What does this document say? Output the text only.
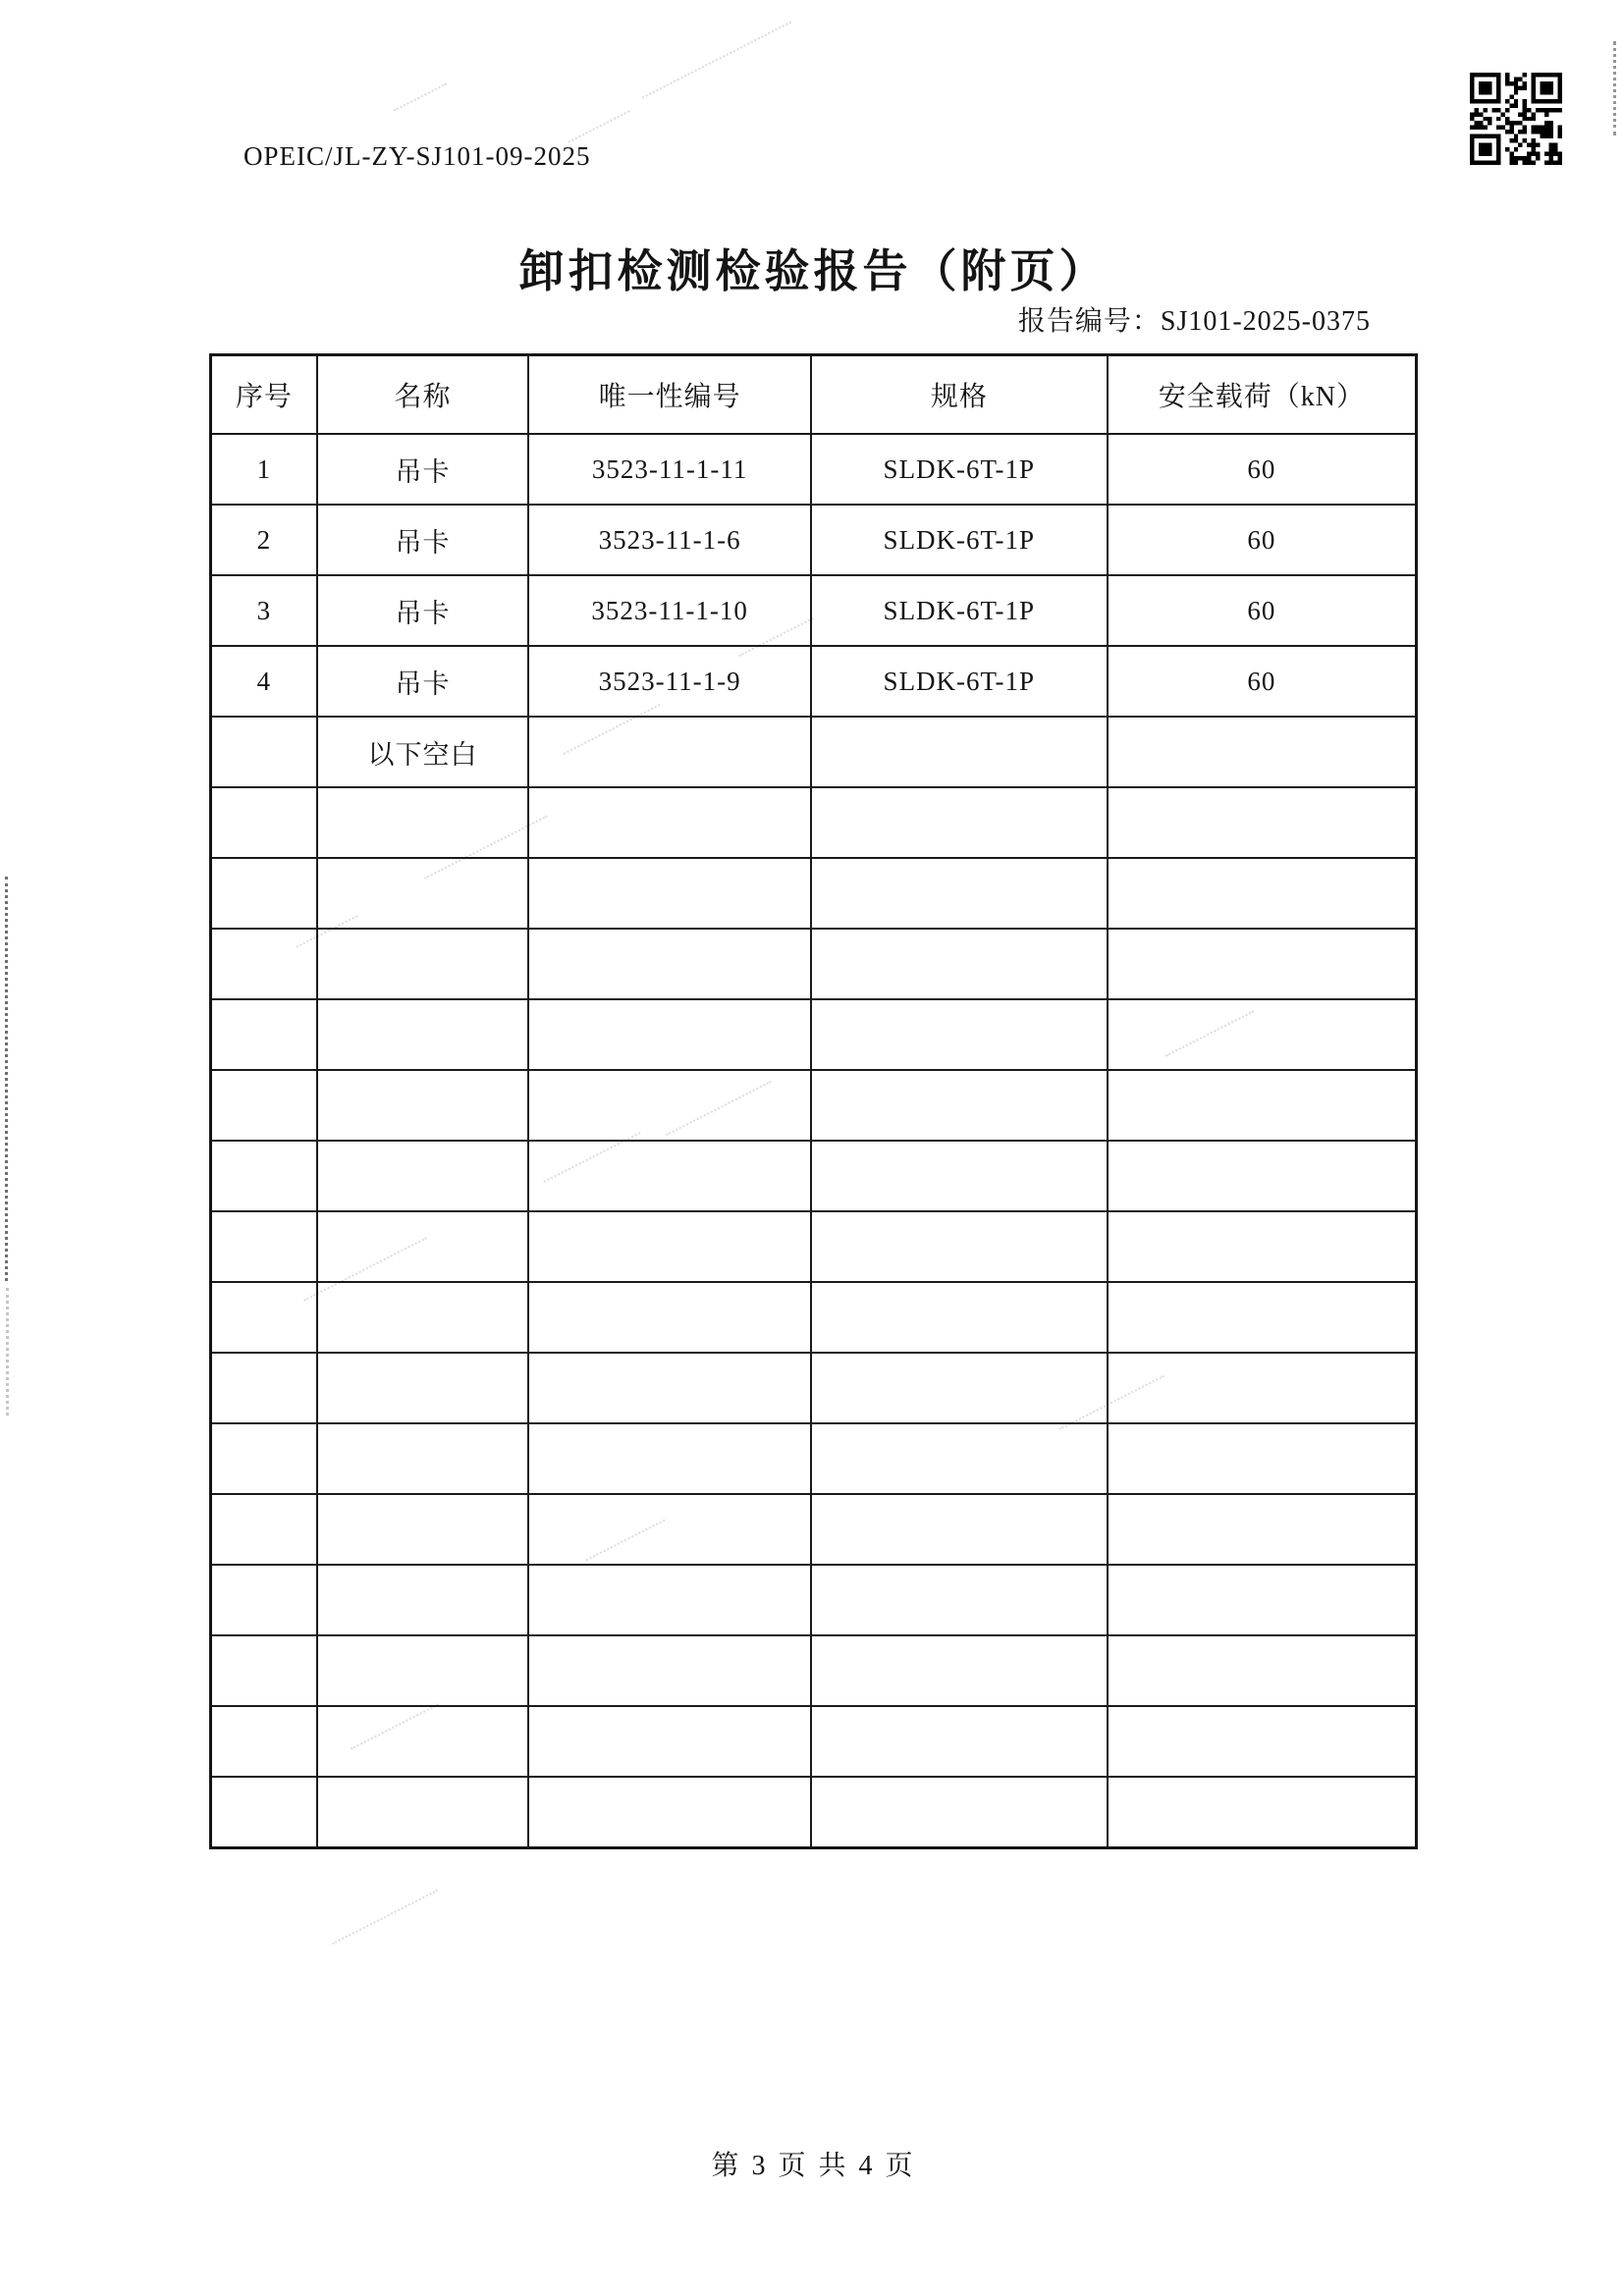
OPEIC/JL-ZY-SJ101-09-2025
卸扣检测检验报告（附页）
报告编号：SJ101-2025-0375
序号	名称	唯一性编号	规格	安全载荷（kN）
1	吊卡	3523-11-1-11	SLDK-6T-1P	60
2	吊卡	3523-11-1-6	SLDK-6T-1P	60
3	吊卡	3523-11-1-10	SLDK-6T-1P	60
4	吊卡	3523-11-1-9	SLDK-6T-1P	60
	以下空白			

第 3 页 共 4 页
